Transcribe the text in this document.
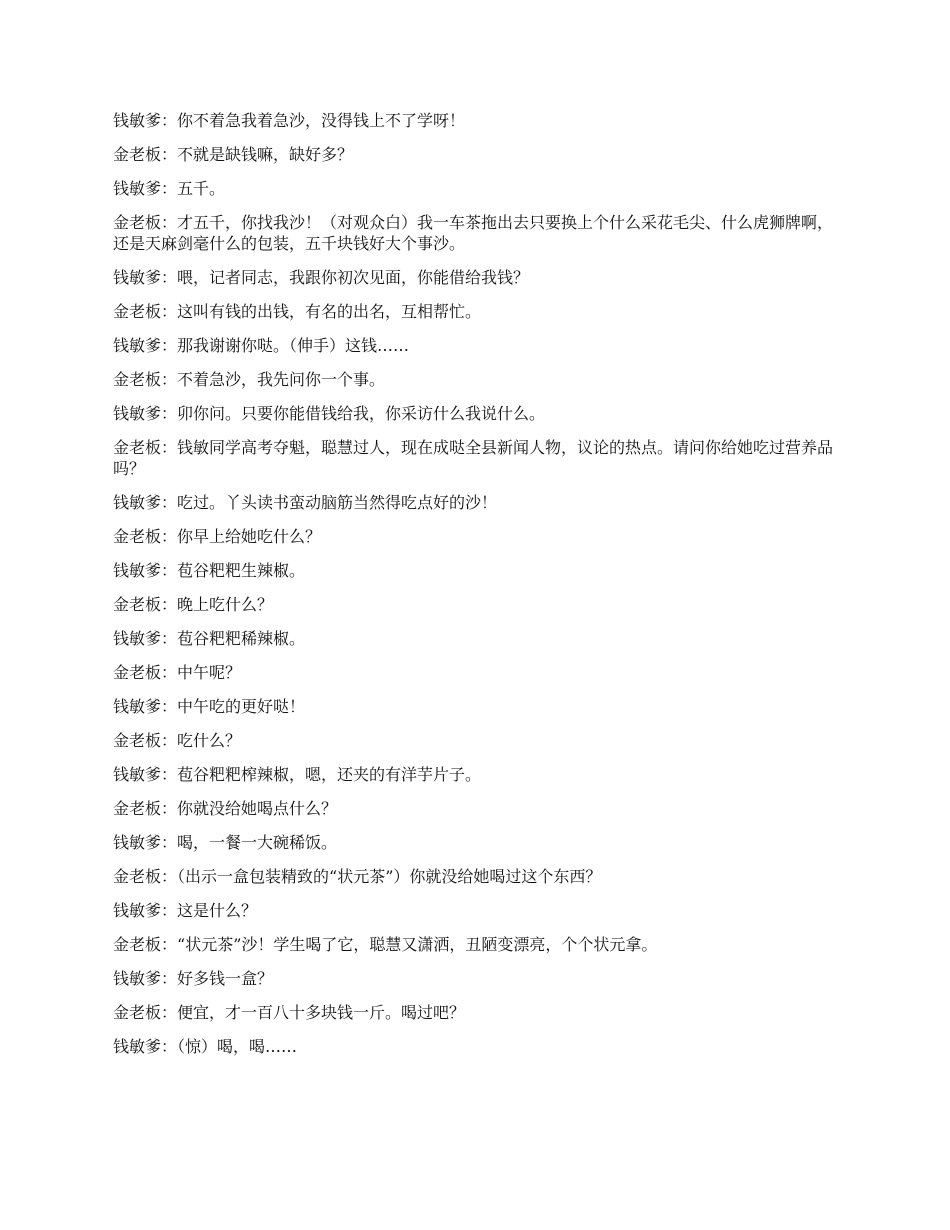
钱敏爹：你不着急我着急沙，没得钱上不了学呀！

金老板：不就是缺钱嘛，缺好多？

钱敏爹：五千。

金老板：才五千，你找我沙！（对观众白）我一车茶拖出去只要换上个什么采花毛尖、什么虎狮牌啊，还是天麻剑毫什么的包装，五千块钱好大个事沙。

钱敏爹：喂，记者同志，我跟你初次见面，你能借给我钱？

金老板：这叫有钱的出钱，有名的出名，互相帮忙。

钱敏爹：那我谢谢你哒。（伸手）这钱……

金老板：不着急沙，我先问你一个事。

钱敏爹：卯你问。只要你能借钱给我，你采访什么我说什么。

金老板：钱敏同学高考夺魁，聪慧过人，现在成哒全县新闻人物，议论的热点。请问你给她吃过营养品吗？

钱敏爹：吃过。丫头读书蛮动脑筋当然得吃点好的沙！

金老板：你早上给她吃什么？

钱敏爹：苞谷粑粑生辣椒。

金老板：晚上吃什么？

钱敏爹：苞谷粑粑稀辣椒。

金老板：中午呢？

钱敏爹：中午吃的更好哒！

金老板：吃什么？

钱敏爹：苞谷粑粑榨辣椒，嗯，还夹的有洋芋片子。

金老板：你就没给她喝点什么？

钱敏爹：喝，一餐一大碗稀饭。

金老板：（出示一盒包装精致的“状元茶”）你就没给她喝过这个东西？

钱敏爹：这是什么？

金老板：“状元茶”沙！学生喝了它，聪慧又潇洒，丑陋变漂亮，个个状元拿。

钱敏爹：好多钱一盒？

金老板：便宜，才一百八十多块钱一斤。喝过吧？

钱敏爹：（惊）喝，喝……
